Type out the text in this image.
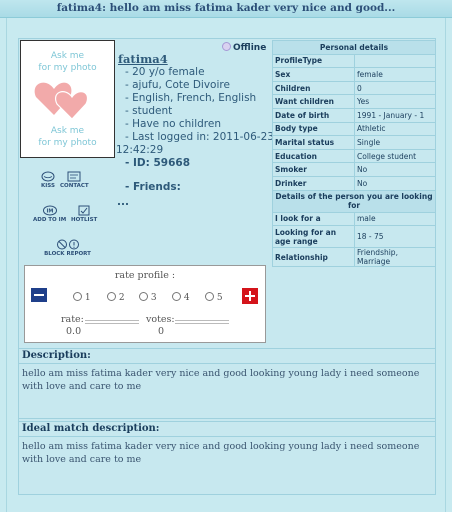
fatima4: hello am miss fatima kader very nice and good...
Ask me
for my photo
Ask me
for my photo
KISS CONTACT
IM
ADD TO IM HOTLIST
BLOCK REPORT
Offline
fatima4
- 20 y/o female
- ajufu, Cote Divoire
- English, French, English
- student
- Have no children
- Last logged in: 2011-06-23
12:42:29
- ID: 59668
- Friends:
...
Personal details	
ProfileType	
Sex	female
Children	0
Want children	Yes
Date of birth	1991 - January - 1
Body type	Athletic
Marital status	Single
Education	College student
Smoker	No
Drinker	No
Details of the person you are looking for	
I look for a	male
Looking for an age range	18 - 75
Relationship	Friendship, Marriage
rate profile :
1	2	3	4	5
rate:
0.0
votes:
0
Description:
hello am miss fatima kader very nice and good looking young lady i need someone with love and care to me
Ideal match description:
hello am miss fatima kader very nice and good looking young lady i need someone with love and care to me
